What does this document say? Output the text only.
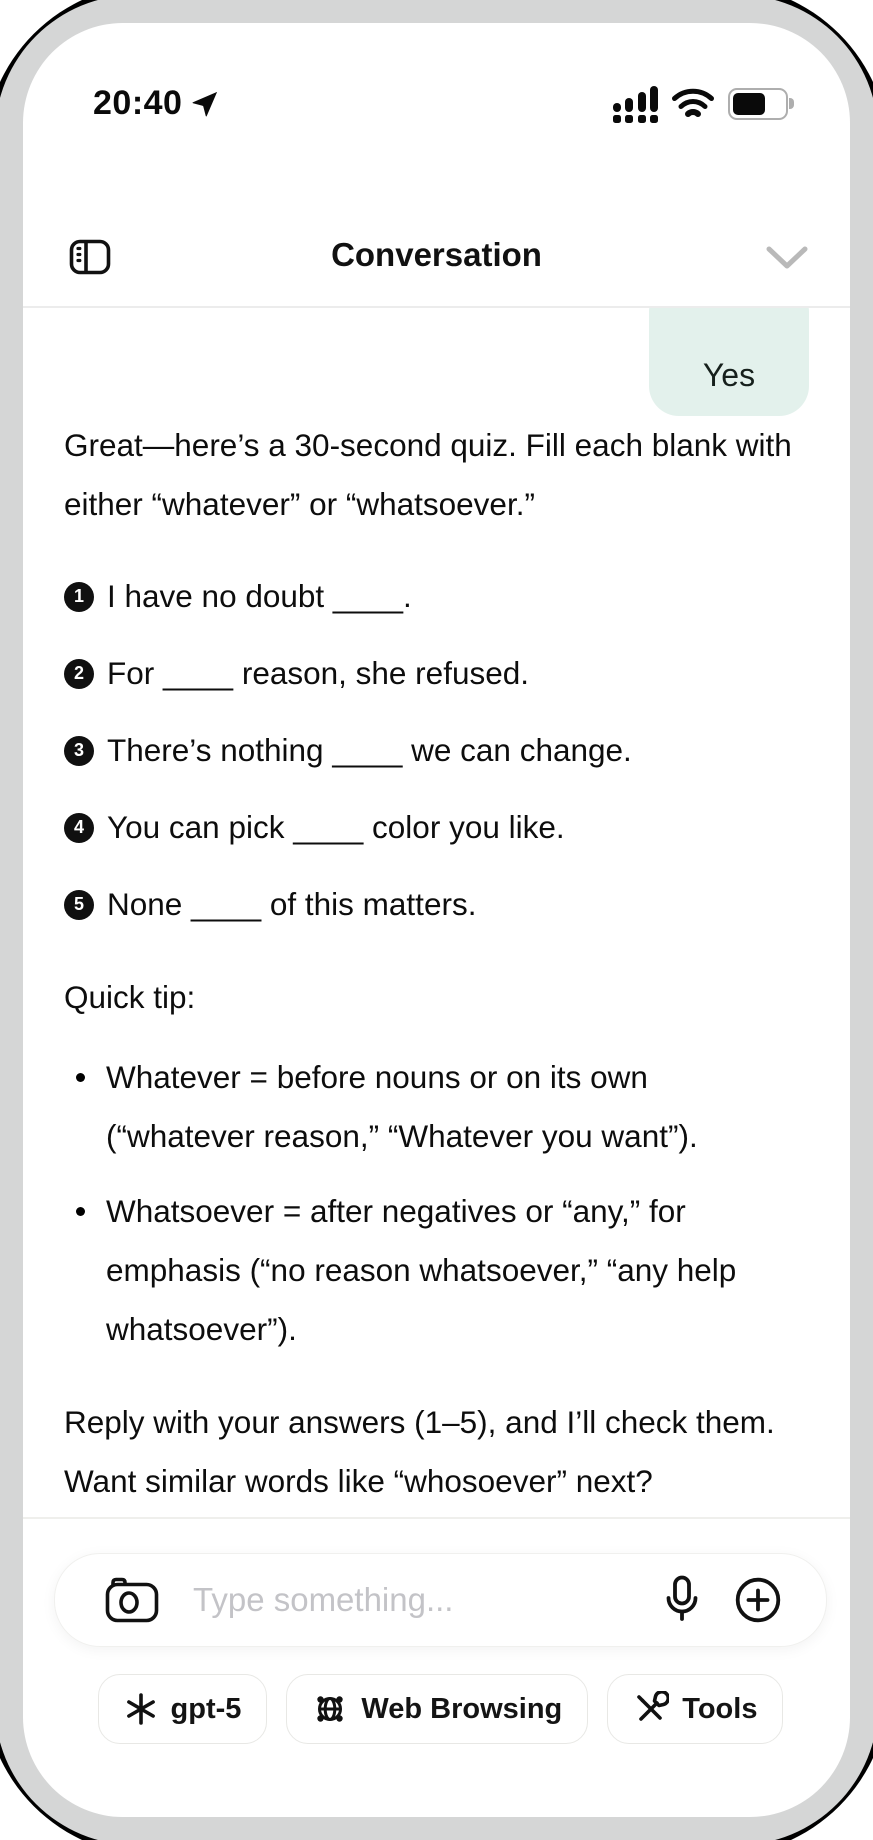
20:40
Conversation
Yes

Great—here’s a 30-second quiz. Fill each blank with either “whatever” or “whatsoever.”

1 I have no doubt ____.
2 For ____ reason, she refused.
3 There’s nothing ____ we can change.
4 You can pick ____ color you like.
5 None ____ of this matters.

Quick tip:

Whatever = before nouns or on its own (“whatever reason,” “Whatever you want”).
Whatsoever = after negatives or “any,” for emphasis (“no reason whatsoever,” “any help whatsoever”).

Reply with your answers (1–5), and I’ll check them. Want similar words like “whosoever” next?

Type something...
gpt-5	Web Browsing	Tools
